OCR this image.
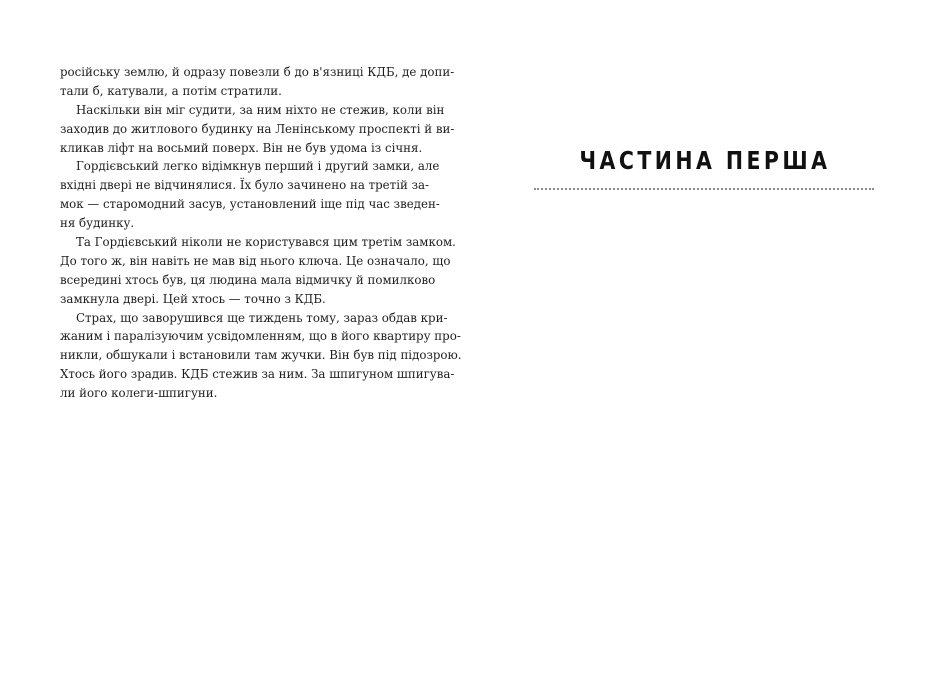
російську землю, й одразу повезли б до в'язниці КДБ, де допи-
тали б, катували, а потім стратили.
Наскільки він міг судити, за ним ніхто не стежив, коли він
заходив до житлового будинку на Ленінському проспекті й ви-
кликав ліфт на восьмий поверх. Він не був удома із січня.
Гордієвський легко відімкнув перший і другий замки, але
вхідні двері не відчинялися. Їх було зачинено на третій за-
мок — старомодний засув, установлений іще під час зведен-
ня будинку.
Та Гордієвський ніколи не користувався цим третім замком.
До того ж, він навіть не мав від нього ключа. Це означало, що
всередині хтось був, ця людина мала відмичку й помилково
замкнула двері. Цей хтось — точно з КДБ.
Страх, що заворушився ще тиждень тому, зараз обдав кри-
жаним і паралізуючим усвідомленням, що в його квартиру про-
никли, обшукали і встановили там жучки. Він був під підозрою.
Хтось його зрадив. КДБ стежив за ним. За шпигуном шпигува-
ли його колеги-шпигуни.
ЧАСТИНА ПЕРША
